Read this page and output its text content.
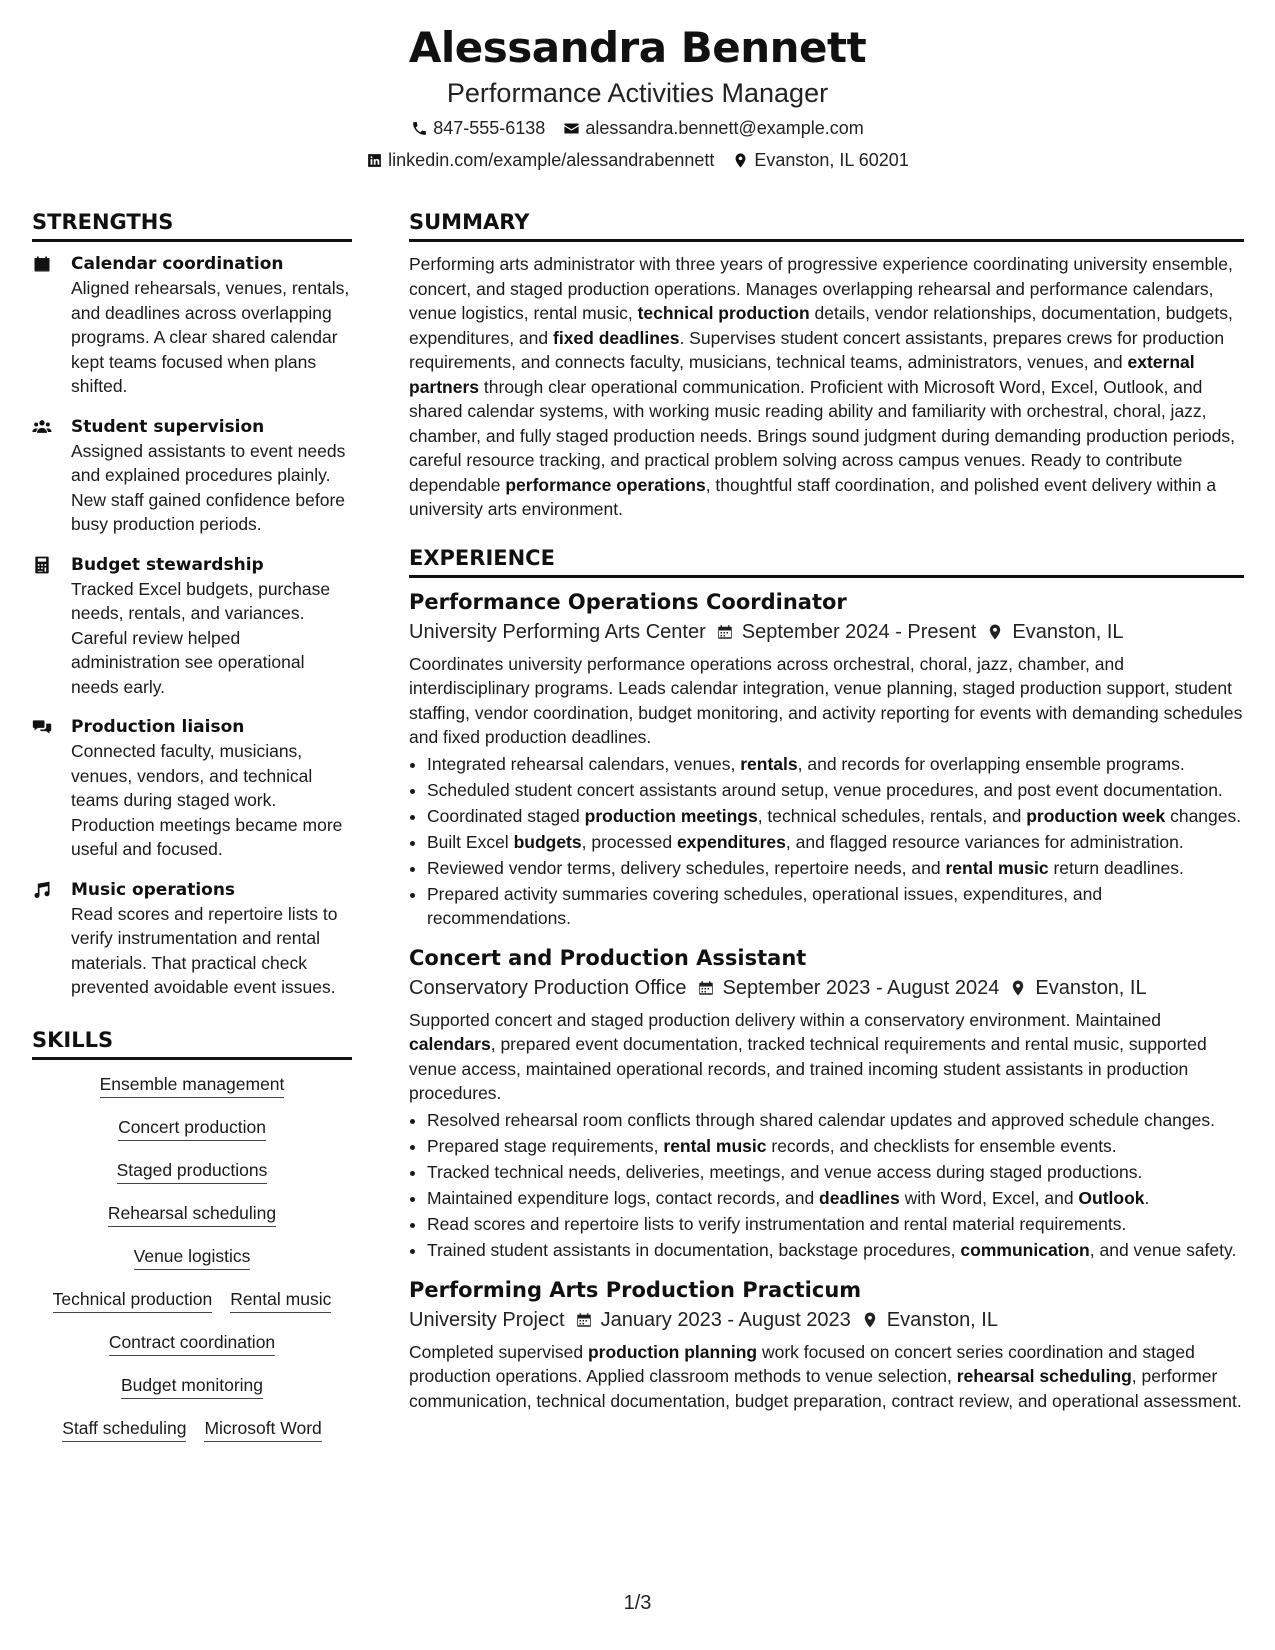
Alessandra Bennett
Performance Activities Manager
847-555-6138 alessandra.bennett@example.com
linkedin.com/example/alessandrabennett Evanston, IL 60201
STRENGTHS
Calendar coordination
Aligned rehearsals, venues, rentals, and deadlines across overlapping programs. A clear shared calendar kept teams focused when plans shifted.
Student supervision
Assigned assistants to event needs and explained procedures plainly. New staff gained confidence before busy production periods.
Budget stewardship
Tracked Excel budgets, purchase needs, rentals, and variances. Careful review helped administration see operational needs early.
Production liaison
Connected faculty, musicians, venues, vendors, and technical teams during staged work. Production meetings became more useful and focused.
Music operations
Read scores and repertoire lists to verify instrumentation and rental materials. That practical check prevented avoidable event issues.
SKILLS
Ensemble management
Concert production
Staged productions
Rehearsal scheduling
Venue logistics
Technical production Rental music
Contract coordination
Budget monitoring
Staff scheduling Microsoft Word
SUMMARY
Performing arts administrator with three years of progressive experience coordinating university ensemble, concert, and staged production operations. Manages overlapping rehearsal and performance calendars, venue logistics, rental music, technical production details, vendor relationships, documentation, budgets, expenditures, and fixed deadlines. Supervises student concert assistants, prepares crews for production requirements, and connects faculty, musicians, technical teams, administrators, venues, and external partners through clear operational communication. Proficient with Microsoft Word, Excel, Outlook, and shared calendar systems, with working music reading ability and familiarity with orchestral, choral, jazz, chamber, and fully staged production needs. Brings sound judgment during demanding production periods, careful resource tracking, and practical problem solving across campus venues. Ready to contribute dependable performance operations, thoughtful staff coordination, and polished event delivery within a university arts environment.
EXPERIENCE
Performance Operations Coordinator
University Performing Arts Center September 2024 - Present Evanston, IL
Coordinates university performance operations across orchestral, choral, jazz, chamber, and interdisciplinary programs. Leads calendar integration, venue planning, staged production support, student staffing, vendor coordination, budget monitoring, and activity reporting for events with demanding schedules and fixed production deadlines.
• Integrated rehearsal calendars, venues, rentals, and records for overlapping ensemble programs.
• Scheduled student concert assistants around setup, venue procedures, and post event documentation.
• Coordinated staged production meetings, technical schedules, rentals, and production week changes.
• Built Excel budgets, processed expenditures, and flagged resource variances for administration.
• Reviewed vendor terms, delivery schedules, repertoire needs, and rental music return deadlines.
• Prepared activity summaries covering schedules, operational issues, expenditures, and recommendations.
Concert and Production Assistant
Conservatory Production Office September 2023 - August 2024 Evanston, IL
Supported concert and staged production delivery within a conservatory environment. Maintained calendars, prepared event documentation, tracked technical requirements and rental music, supported venue access, maintained operational records, and trained incoming student assistants in production procedures.
• Resolved rehearsal room conflicts through shared calendar updates and approved schedule changes.
• Prepared stage requirements, rental music records, and checklists for ensemble events.
• Tracked technical needs, deliveries, meetings, and venue access during staged productions.
• Maintained expenditure logs, contact records, and deadlines with Word, Excel, and Outlook.
• Read scores and repertoire lists to verify instrumentation and rental material requirements.
• Trained student assistants in documentation, backstage procedures, communication, and venue safety.
Performing Arts Production Practicum
University Project January 2023 - August 2023 Evanston, IL
Completed supervised production planning work focused on concert series coordination and staged production operations. Applied classroom methods to venue selection, rehearsal scheduling, performer communication, technical documentation, budget preparation, contract review, and operational assessment.
1/3
